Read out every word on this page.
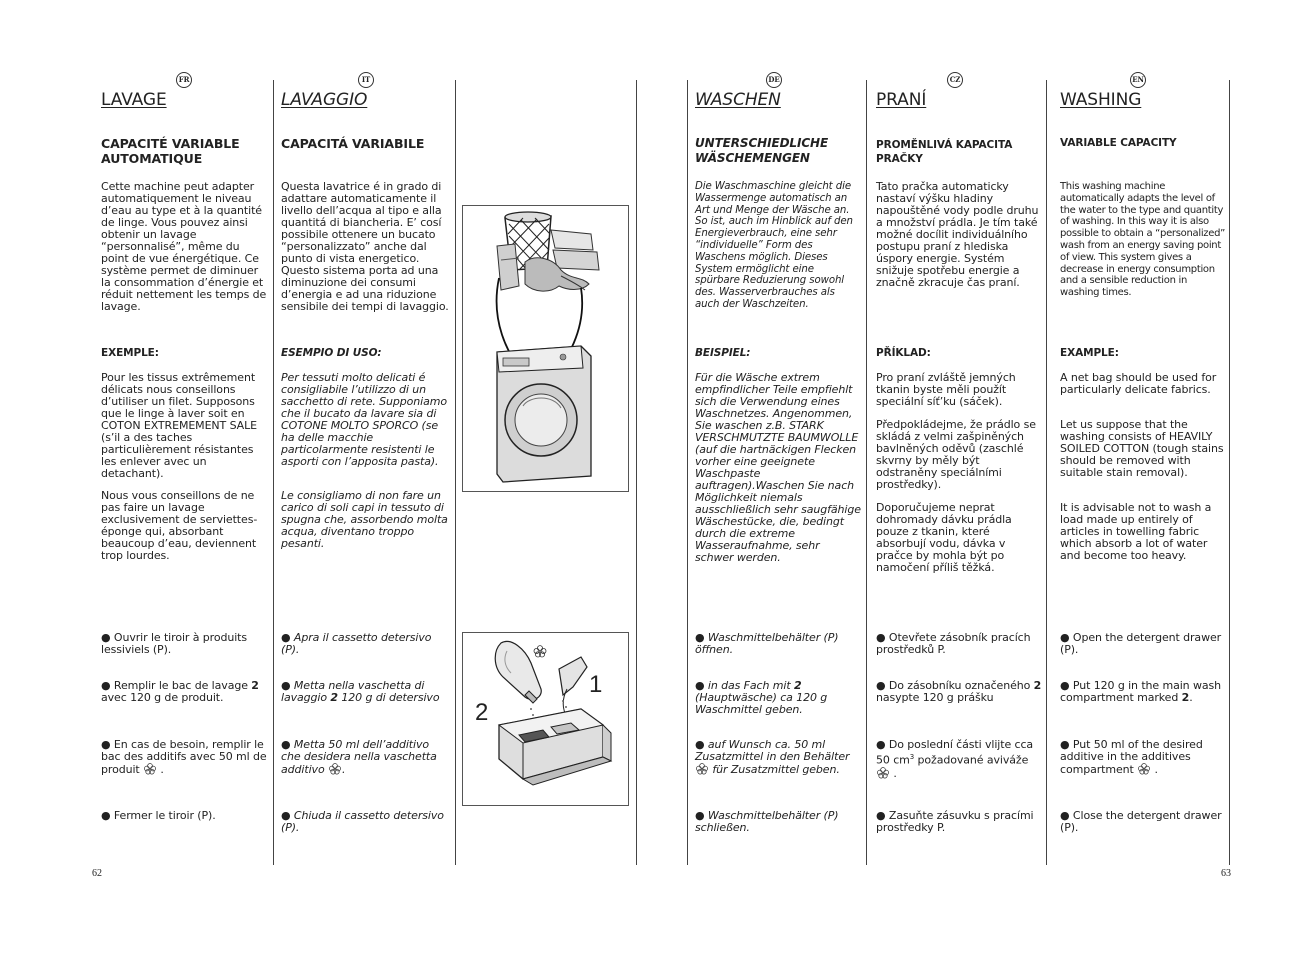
FR
LAVAGE
CAPACITÉ VARIABLE AUTOMATIQUE
Cette machine peut adapter automatiquement le niveau d’eau au type et à la quantité de linge. Vous pouvez ainsi obtenir un lavage “personnalisé”, même du point de vue énergétique. Ce système permet de diminuer la consommation d’énergie et réduit nettement les temps de lavage.
EXEMPLE:
Pour les tissus extrêmement délicats nous conseillons d’utiliser un filet. Supposons que le linge à laver soit en COTON EXTREMEMENT SALE (s’il a des taches particulièrement résistantes les enlever avec un detachant).
Nous vous conseillons de ne pas faire un lavage exclusivement de serviettes-éponge qui, absorbant beaucoup d’eau, deviennent trop lourdes.
● Ouvrir le tiroir à produits lessiviels (P).
● Remplir le bac de lavage 2 avec 120 g de produit.
● En cas de besoin, remplir le bac des additifs avec 50 ml de produit  .
● Fermer le tiroir (P).
IT
LAVAGGIO
CAPACITÁ VARIABILE
Questa lavatrice é in grado di adattare automaticamente il livello dell’acqua al tipo e alla quantitá di biancheria. E’ cosí possibile ottenere un bucato “personalizzato” anche dal punto di vista energetico. Questo sistema porta ad una diminuzione dei consumi d’energia e ad una riduzione sensibile dei tempi di lavaggio.
ESEMPIO DI USO:
Per tessuti molto delicati é consigliabile l’utilizzo di un sacchetto di rete. Supponiamo che il bucato da lavare sia di COTONE MOLTO SPORCO (se ha delle macchie particolarmente resistenti le asporti con l’apposita pasta).
Le consigliamo di non fare un carico di soli capi in tessuto di spugna che, assorbendo molta acqua, diventano troppo pesanti.
● Apra il cassetto detersivo (P).
● Metta nella vaschetta di lavaggio 2 120 g di detersivo
● Metta 50 ml dell’additivo che desidera nella vaschetta additivo .
● Chiuda il cassetto detersivo (P).
1
2
DE
WASCHEN
UNTERSCHIEDLICHE WÄSCHEMENGEN
Die Waschmaschine gleicht die Wassermenge automatisch an Art und Menge der Wäsche an. So ist, auch im Hinblick auf den Energieverbrauch, eine sehr “individuelle” Form des Waschens möglich. Dieses System ermöglicht eine spürbare Reduzierung sowohl des. Wasserverbrauches als auch der Waschzeiten.
BEISPIEL:
Für die Wäsche extrem empfindlicher Teile empfiehlt sich die Verwendung eines Waschnetzes. Angenommen, Sie waschen z.B. STARK VERSCHMUTZTE BAUMWOLLE (auf die hartnäckigen Flecken vorher eine geeignete Waschpaste auftragen).Waschen Sie nach Möglichkeit niemals ausschließlich sehr saugfähige Wäschestücke, die, bedingt durch die extreme Wasseraufnahme, sehr schwer werden.
● Waschmittelbehälter (P) öffnen.
● in das Fach mit 2 (Hauptwäsche) ca 120 g Waschmittel geben.
● auf Wunsch ca. 50 ml Zusatzmittel in den Behälter  für Zusatzmittel geben.
● Waschmittelbehälter (P) schließen.
CZ
PRANÍ
PROMĚNLIVÁ KAPACITA PRAČKY
Tato pračka automaticky nastaví výšku hladiny napouštěné vody podle druhu a množství prádla. Je tím také možné docílit individuálního postupu praní z hlediska úspory energie. Systém snižuje spotřebu energie a značně zkracuje čas praní.
PŘÍKLAD:
Pro praní zvláště jemných tkanin byste měli použít speciální síť’ku (sáček).
Předpokládejme, že prádlo se skládá z velmi zašpiněných bavlněných oděvů (zaschlé skvrny by měly být odstraněny speciálními prostředky).
Doporučujeme neprat dohromady dávku prádla pouze z tkanin, které absorbují vodu, dávka v pračce by mohla být po namočení příliš těžká.
● Otevřete zásobník pracích prostředků P.
● Do zásobníku označeného 2 nasypte 120 g prášku
● Do poslední části vlijte cca 50 $cm^3$ požadované aviváže  .
● Zasuňte zásuvku s pracími prostředky P.
EN
WASHING
VARIABLE CAPACITY
This washing machine automatically adapts the level of the water to the type and quantity of washing. In this way it is also possible to obtain a “personalized” wash from an energy saving point of view. This system gives a decrease in energy consumption and a sensible reduction in washing times.
EXAMPLE:
A net bag should be used for particularly delicate fabrics.
Let us suppose that the washing consists of HEAVILY SOILED COTTON (tough stains should be removed with suitable stain removal).
It is advisable not to wash a load made up entirely of articles in towelling fabric which absorb a lot of water and become too heavy.
● Open the detergent drawer (P).
● Put 120 g in the main wash compartment marked 2.
● Put 50 ml of the desired additive in the additives compartment  .
● Close the detergent drawer (P).
62	63
